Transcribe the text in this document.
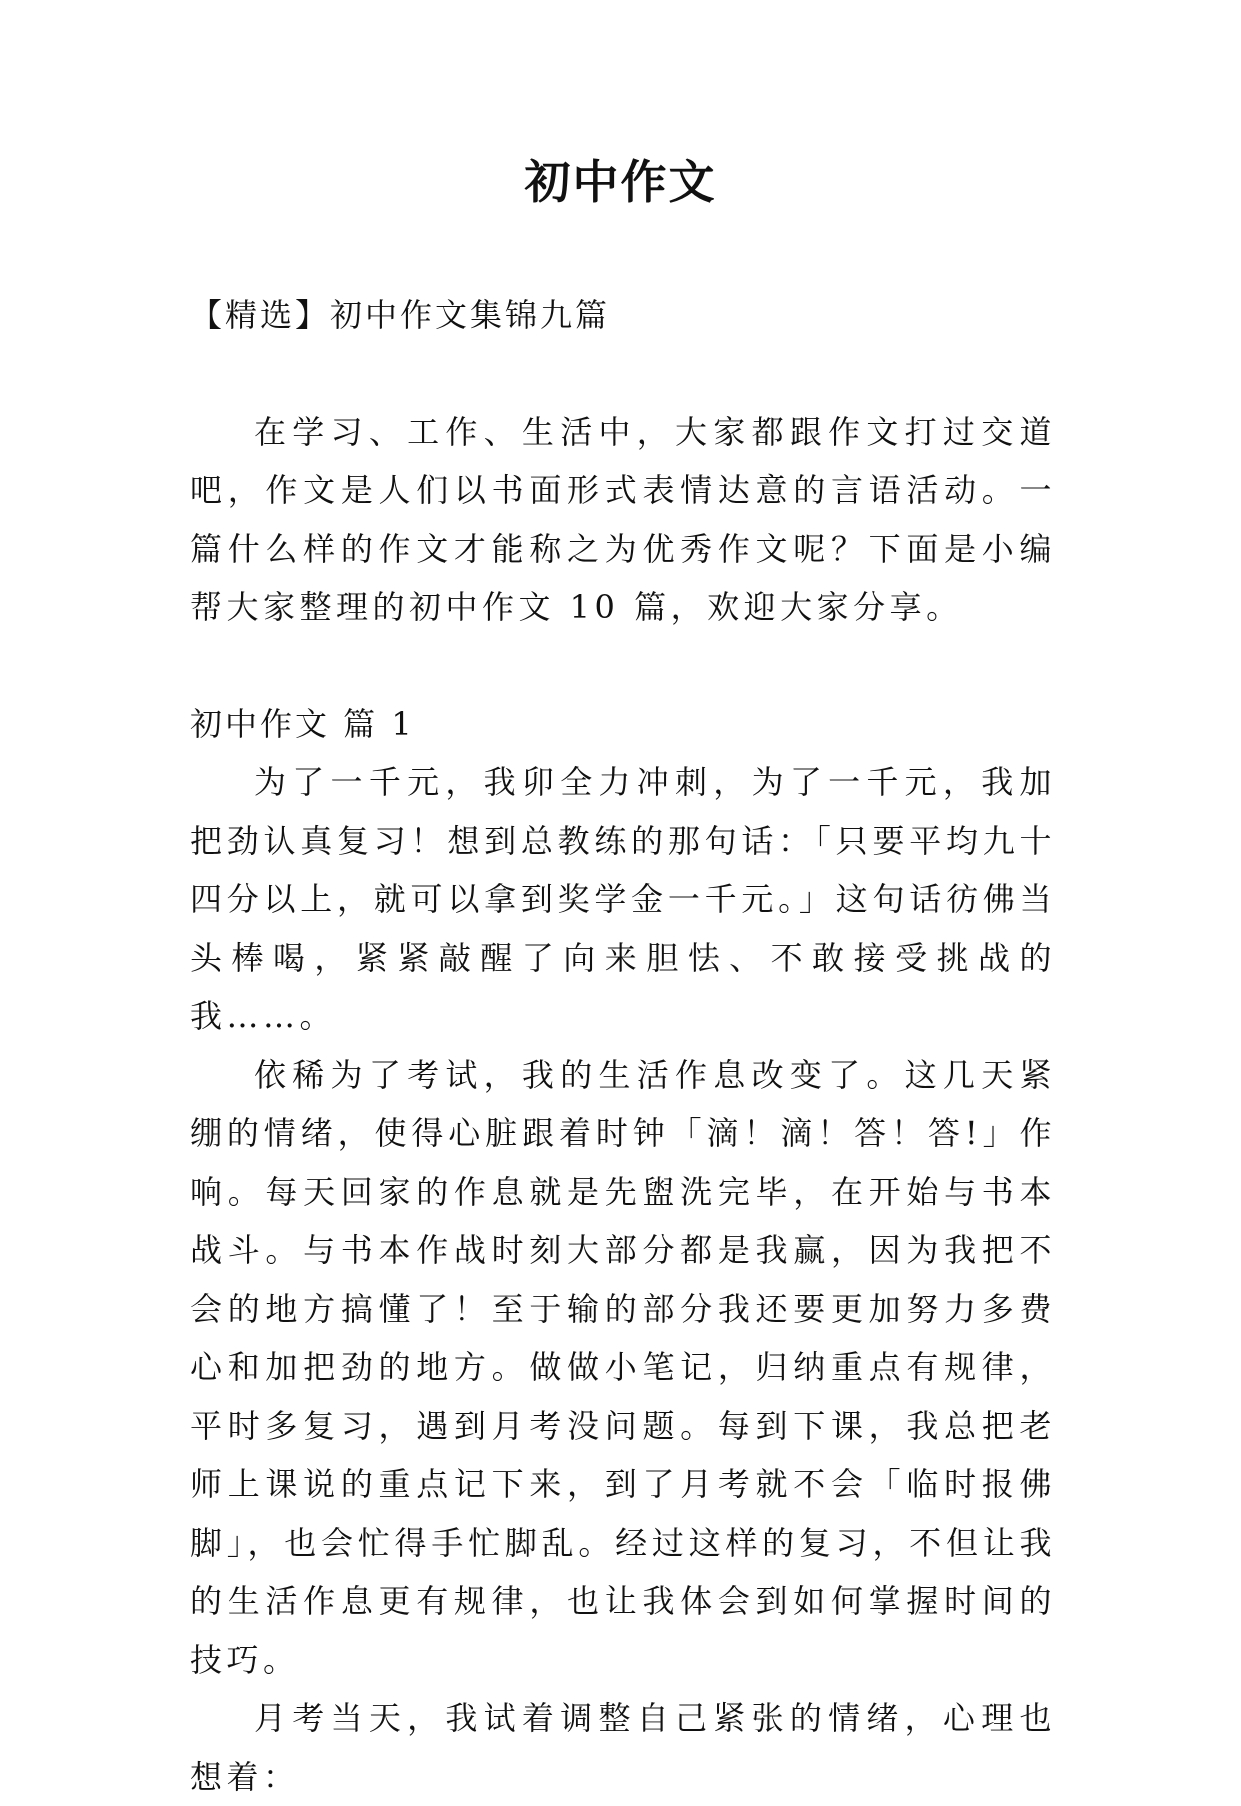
初中作文

【精选】初中作文集锦九篇

在学习、工作、生活中，大家都跟作文打过交道吧，作文是人们以书面形式表情达意的言语活动。一篇什么样的作文才能称之为优秀作文呢？下面是小编帮大家整理的初中作文 10 篇，欢迎大家分享。

初中作文 篇 1

为了一千元，我卯全力冲刺，为了一千元，我加把劲认真复习！想到总教练的那句话：「只要平均九十四分以上，就可以拿到奖学金一千元。」这句话彷佛当头棒喝，紧紧敲醒了向来胆怯、不敢接受挑战的我……。

依稀为了考试，我的生活作息改变了。这几天紧绷的情绪，使得心脏跟着时钟「滴！滴！答！答!」作响。每天回家的作息就是先盥洗完毕，在开始与书本战斗。与书本作战时刻大部分都是我赢，因为我把不会的地方搞懂了！至于输的部分我还要更加努力多费心和加把劲的地方。做做小笔记，归纳重点有规律，平时多复习，遇到月考没问题。每到下课，我总把老师上课说的重点记下来，到了月考就不会「临时报佛脚」，也会忙得手忙脚乱。经过这样的复习，不但让我的生活作息更有规律，也让我体会到如何掌握时间的技巧。

月考当天，我试着调整自己紧张的情绪，心理也想着：
